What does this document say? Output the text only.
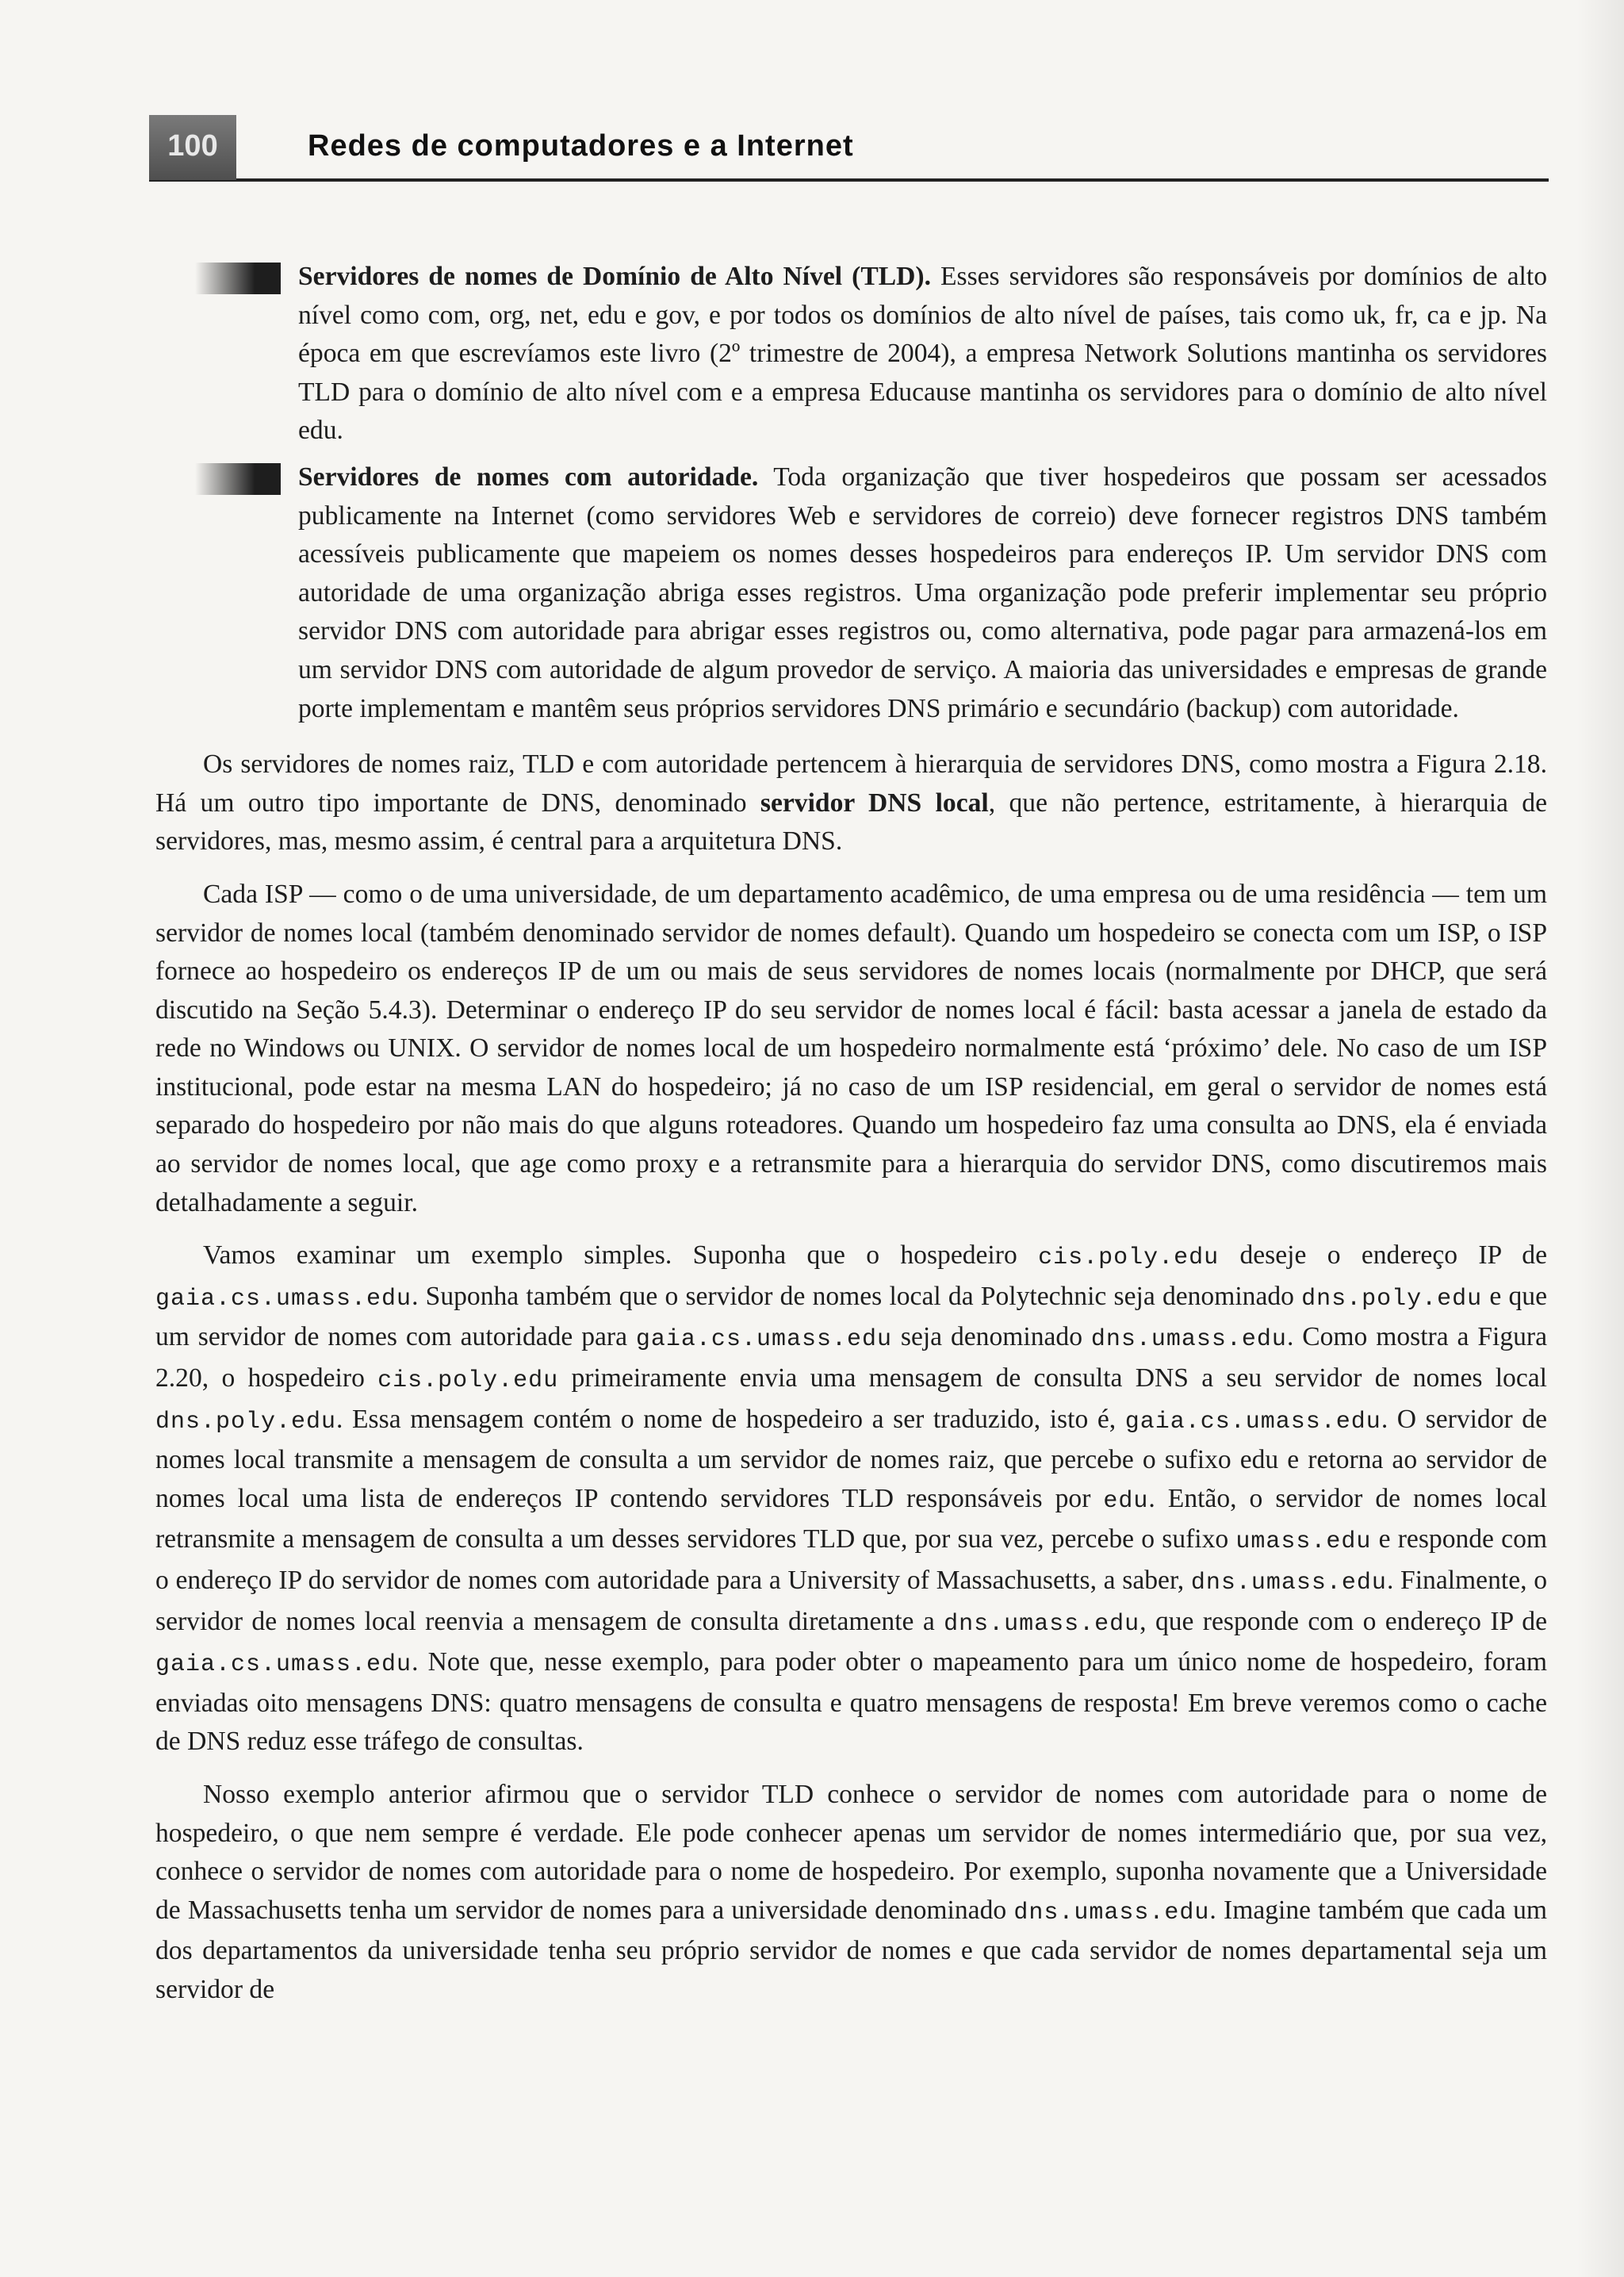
100	Redes de computadores e a Internet
Servidores de nomes de Domínio de Alto Nível (TLD). Esses servidores são responsáveis por domínios de alto nível como com, org, net, edu e gov, e por todos os domínios de alto nível de países, tais como uk, fr, ca e jp. Na época em que escrevíamos este livro (2º trimestre de 2004), a empresa Network Solutions mantinha os servidores TLD para o domínio de alto nível com e a empresa Educause mantinha os servidores para o domínio de alto nível edu.
Servidores de nomes com autoridade. Toda organização que tiver hospedeiros que possam ser acessados publicamente na Internet (como servidores Web e servidores de correio) deve fornecer registros DNS também acessíveis publicamente que mapeiem os nomes desses hospedeiros para endereços IP. Um servidor DNS com autoridade de uma organização abriga esses registros. Uma organização pode preferir implementar seu próprio servidor DNS com autoridade para abrigar esses registros ou, como alternativa, pode pagar para armazená-los em um servidor DNS com autoridade de algum provedor de serviço. A maioria das universidades e empresas de grande porte implementam e mantêm seus próprios servidores DNS primário e secundário (backup) com autoridade.

Os servidores de nomes raiz, TLD e com autoridade pertencem à hierarquia de servidores DNS, como mostra a Figura 2.18. Há um outro tipo importante de DNS, denominado servidor DNS local, que não pertence, estritamente, à hierarquia de servidores, mas, mesmo assim, é central para a arquitetura DNS.

Cada ISP — como o de uma universidade, de um departamento acadêmico, de uma empresa ou de uma residência — tem um servidor de nomes local (também denominado servidor de nomes default). Quando um hospedeiro se conecta com um ISP, o ISP fornece ao hospedeiro os endereços IP de um ou mais de seus servidores de nomes locais (normalmente por DHCP, que será discutido na Seção 5.4.3). Determinar o endereço IP do seu servidor de nomes local é fácil: basta acessar a janela de estado da rede no Windows ou UNIX. O servidor de nomes local de um hospedeiro normalmente está ‘próximo’ dele. No caso de um ISP institucional, pode estar na mesma LAN do hospedeiro; já no caso de um ISP residencial, em geral o servidor de nomes está separado do hospedeiro por não mais do que alguns roteadores. Quando um hospedeiro faz uma consulta ao DNS, ela é enviada ao servidor de nomes local, que age como proxy e a retransmite para a hierarquia do servidor DNS, como discutiremos mais detalhadamente a seguir.

Vamos examinar um exemplo simples. Suponha que o hospedeiro cis.poly.edu deseje o endereço IP de gaia.cs.umass.edu. Suponha também que o servidor de nomes local da Polytechnic seja denominado dns.poly.edu e que um servidor de nomes com autoridade para gaia.cs.umass.edu seja denominado dns.umass.edu. Como mostra a Figura 2.20, o hospedeiro cis.poly.edu primeiramente envia uma mensagem de consulta DNS a seu servidor de nomes local dns.poly.edu. Essa mensagem contém o nome de hospedeiro a ser traduzido, isto é, gaia.cs.umass.edu. O servidor de nomes local transmite a mensagem de consulta a um servidor de nomes raiz, que percebe o sufixo edu e retorna ao servidor de nomes local uma lista de endereços IP contendo servidores TLD responsáveis por edu. Então, o servidor de nomes local retransmite a mensagem de consulta a um desses servidores TLD que, por sua vez, percebe o sufixo umass.edu e responde com o endereço IP do servidor de nomes com autoridade para a University of Massachusetts, a saber, dns.umass.edu. Finalmente, o servidor de nomes local reenvia a mensagem de consulta diretamente a dns.umass.edu, que responde com o endereço IP de gaia.cs.umass.edu. Note que, nesse exemplo, para poder obter o mapeamento para um único nome de hospedeiro, foram enviadas oito mensagens DNS: quatro mensagens de consulta e quatro mensagens de resposta! Em breve veremos como o cache de DNS reduz esse tráfego de consultas.

Nosso exemplo anterior afirmou que o servidor TLD conhece o servidor de nomes com autoridade para o nome de hospedeiro, o que nem sempre é verdade. Ele pode conhecer apenas um servidor de nomes intermediário que, por sua vez, conhece o servidor de nomes com autoridade para o nome de hospedeiro. Por exemplo, suponha novamente que a Universidade de Massachusetts tenha um servidor de nomes para a universidade denominado dns.umass.edu. Imagine também que cada um dos departamentos da universidade tenha seu próprio servidor de nomes e que cada servidor de nomes departamental seja um servidor de
